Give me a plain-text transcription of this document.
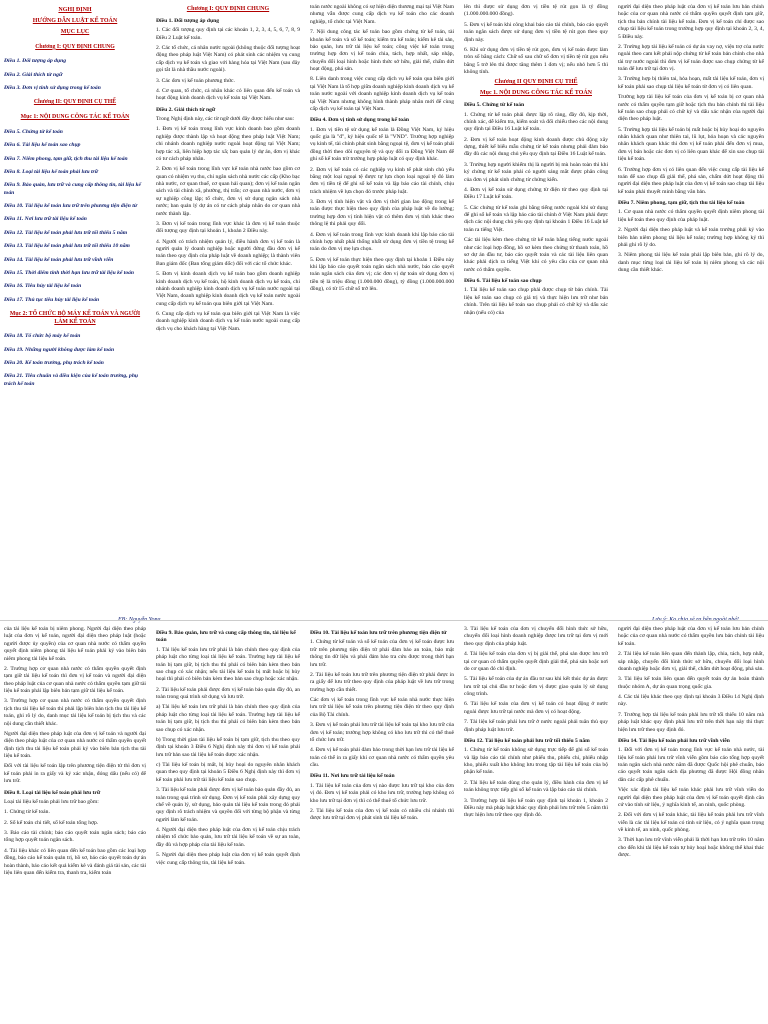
NGHỊ ĐỊNH
HƯỚNG DẪN LUẬT KẾ TOÁN
MỤC LỤC
Chương I: QUY ĐỊNH CHUNG
Điều 1. Đối tượng áp dụng
Điều 2. Giải thích từ ngữ
Điều 3. Đơn vị tính sử dụng trong kế toán
Chương II: QUY ĐỊNH CỤ THỂ
Mục 1: NỘI DUNG CÔNG TÁC KẾ TOÁN
Điều 5. Chứng từ kế toán
Điều 6. Tài liệu kế toán sao chụp
Điều 7. Niêm phong, tạm giữ, tịch thu tài liệu kế toán
Điều 8. Loại tài liệu kế toán phải lưu trữ
Điều 9. Bảo quản, lưu trữ và cung cấp thông tin, tài liệu kế toán
Điều 10. Tài liệu kế toán lưu trữ trên phương tiện điện tử
Điều 11. Nơi lưu trữ tài liệu kế toán
Điều 12. Tài liệu kế toán phải lưu trữ tối thiểu 5 năm
Điều 13. Tài liệu kế toán phải lưu trữ tối thiểu 10 năm
Điều 14. Tài liệu kế toán phải lưu trữ vĩnh viễn
Điều 15. Thời điểm tính thời hạn lưu trữ tài liệu kế toán
Điều 16. Tiêu hủy tài liệu kế toán
Điều 17. Thủ tục tiêu hủy tài liệu kế toán
Mục 2: TỔ CHỨC BỘ MÁY KẾ TOÁN VÀ NGƯỜI LÀM KẾ TOÁN
Điều 18. Tổ chức bộ máy kế toán
Điều 19. Những người không được làm kế toán
Điều 20. Kế toán trưởng, phụ trách kế toán
Điều 21. Tiêu chuẩn và điều kiện của kế toán trưởng, phụ trách kế toán
Chương I: QUY ĐỊNH CHUNG
Điều 1. Đối tượng áp dụng

1. Các đối tượng quy định tại các khoản 1, 2, 3, 4, 5, 6, 7, 8, 9 Điều 2 Luật kế toán.

2. Các tổ chức, cá nhân nước ngoài (không thuộc đối tượng hoạt động theo pháp luật Việt Nam) có phát sinh các nhiệm vụ cung cấp dịch vụ kế toán và giao với hàng hóa tại Việt Nam (sau đây gọi tắt là nhà thầu nước ngoài).

3. Các đơn vị kế toán phương thức.

4. Cơ quan, tổ chức, cá nhân khác có liên quan đến kế toán và hoạt động kinh doanh dịch vụ kế toán tại Việt Nam.

Điều 2. Giải thích từ ngữ

Trong Nghị định này, các từ ngữ dưới đây được hiểu như sau:

1. Đơn vị kế toán trong lĩnh vực kinh doanh bao gồm doanh nghiệp được thành lập và hoạt động theo pháp luật Việt Nam; chi nhánh doanh nghiệp nước ngoài hoạt động tại Việt Nam; hợp tác xã, liên hiệp hợp tác xã; ban quản lý dự án, đơn vị khác có tư cách pháp nhân.

2. Đơn vị kế toán trong lĩnh vực kế toán nhà nước bao gồm cơ quan có nhiệm vụ thu, chi ngân sách nhà nước các cấp (Kho bạc nhà nước, cơ quan thuế, cơ quan hải quan); đơn vị kế toán ngân sách và tài chính xã, phường, thị trấn; cơ quan nhà nước, đơn vị sự nghiệp công lập; tổ chức, đơn vị sử dụng ngân sách nhà nước; ban quản lý dự án có tư cách pháp nhân do cơ quan nhà nước thành lập.

3. Đơn vị kế toán trong lĩnh vực khác là đơn vị kế toán thuộc đối tượng quy định tại khoản 1, khoản 2 Điều này.

4. Người có trách nhiệm quản lý, điều hành đơn vị kế toán là người quản lý doanh nghiệp hoặc người đứng đầu đơn vị kế toán theo quy định của pháp luật về doanh nghiệp; là thành viên Ban giám đốc (Ban tổng giám đốc) đối với các tổ chức khác.

5. Đơn vị kinh doanh dịch vụ kế toán bao gồm doanh nghiệp kinh doanh dịch vụ kế toán, hộ kinh doanh dịch vụ kế toán, chi nhánh doanh nghiệp kinh doanh dịch vụ kế toán nước ngoài tại Việt Nam, doanh nghiệp kinh doanh dịch vụ kế toán nước ngoài cung cấp dịch vụ kế toán qua biên giới tại Việt Nam.

6. Cung cấp dịch vụ kế toán qua biên giới tại Việt Nam là việc doanh nghiệp kinh doanh dịch vụ kế toán nước ngoài cung cấp dịch vụ cho khách hàng tại Việt Nam.

toán nước ngoài không có sự hiện diện thương mại tại Việt Nam nhưng vẫn được cung cấp dịch vụ kế toán cho các doanh nghiệp, tổ chức tại Việt Nam.

7. Nội dung công tác kế toán bao gồm chứng từ kế toán, tài khoản kế toán và sổ kế toán; kiểm tra kế toán; kiểm kê tài sản, bảo quản, lưu trữ tài liệu kế toán; công việc kế toán trong trường hợp đơn vị kế toán chia, tách, hợp nhất, sáp nhập, chuyển đổi loại hình hoặc hình thức sở hữu, giải thể, chấm dứt hoạt động, phá sản.

8. Liên danh trong việc cung cấp dịch vụ kế toán qua biên giới tại Việt Nam là tổ hợp giữa doanh nghiệp kinh doanh dịch vụ kế toán nước ngoài với doanh nghiệp kinh doanh dịch vụ kế toán tại Việt Nam nhưng không hình thành pháp nhân mới để cùng cấp dịch vụ kế toán tại Việt Nam.

Điều 4. Đơn vị tính sử dụng trong kế toán

1. Đơn vị tiền tệ sử dụng kế toán là Đồng Việt Nam, ký hiệu quốc gia là "đ", ký hiệu quốc tế là "VND". Trường hợp nghiệp vụ kinh tế, tài chính phát sinh bằng ngoại tệ, đơn vị kế toán phải đồng thời theo dõi nguyên tệ và quy đổi ra Đồng Việt Nam để ghi sổ kế toán trừ trường hợp pháp luật có quy định khác.

2. Đơn vị kế toán có các nghiệp vụ kinh tế phát sinh chủ yếu bằng một loại ngoại tệ được tự lựa chọn loại ngoại tệ đó làm đơn vị tiền tệ để ghi sổ kế toán và lập báo cáo tài chính, chịu trách nhiệm về lựa chọn đó trước pháp luật.

3. Đơn vị tính hiện vật và đơn vị thời gian lao động trong kế toán được thực hiện theo quy định của pháp luật về đo lường; trường hợp đơn vị tính hiện vật có thêm đơn vị tính khác theo thông lệ thì phải quy đổi.

4. Đơn vị kế toán trong lĩnh vực kinh doanh khi lập báo cáo tài chính hợp nhất phải thống nhất sử dụng đơn vị tiền tệ trong kế toán do đơn vị mẹ lựa chọn.

5. Đơn vị kế toán thực hiện theo quy định tại khoản 1 Điều này khi lập báo cáo quyết toán ngân sách nhà nước, báo cáo quyết toán ngân sách của đơn vị; các đơn vị dự toán sử dụng đơn vị tiền tệ là triệu đồng (1.000.000 đồng), tỷ đồng (1.000.000.000 đồng), có từ 15 chữ số trở lên.

lên thì được sử dụng đơn vị tiền tệ rút gọn là tỷ đồng (1.000.000.000 đồng).

5. Đơn vị kế toán khi công khai báo cáo tài chính, báo cáo quyết toán ngân sách được sử dụng đơn vị tiền tệ rút gọn theo quy định này.

6. Khi sử dụng đơn vị tiền tệ rút gọn, đơn vị kế toán được làm tròn số bằng cách: Chữ số sau chữ số đơn vị tiền tệ rút gọn nếu bằng 5 trở lên thì được tăng thêm 1 đơn vị; nếu nhỏ hơn 5 thì không tính.

Chương II QUY ĐỊNH CỤ THỂ
Mục 1. NỘI DUNG CÔNG TÁC KẾ TOÁN
Điều 5. Chứng từ kế toán

1. Chứng từ kế toán phải được lập rõ ràng, đầy đủ, kịp thời, chính xác, dễ kiểm tra, kiểm soát và đối chiếu theo các nội dung quy định tại Điều 16 Luật kế toán.

2. Đơn vị kế toán hoạt động kinh doanh được chủ động xây dựng, thiết kế biểu mẫu chứng từ kế toán nhưng phải đảm bảo đầy đủ các nội dung chủ yếu quy định tại Điều 16 Luật kế toán.

3. Trường hợp người khiếm thị là người bị mù hoàn toàn thì khi ký chứng từ kế toán phải có người sáng mắt được phân công của đơn vị phát sinh chứng từ chứng kiến.

4. Đơn vị kế toán sử dụng chứng từ điện tử theo quy định tại Điều 17 Luật kế toán.

5. Các chứng từ kế toán ghi bằng tiếng nước ngoài khi sử dụng để ghi sổ kế toán và lập báo cáo tài chính ở Việt Nam phải được dịch các nội dung chủ yếu quy định tại khoản 1 Điều 16 Luật kế toán ra tiếng Việt.

Các tài liệu kèm theo chứng từ kế toán bằng tiếng nước ngoài như các loại hợp đồng, hồ sơ kèm theo chứng từ thanh toán, hồ sơ dự án đầu tư, báo cáo quyết toán và các tài liệu liên quan khác phải dịch ra tiếng Việt khi có yêu cầu của cơ quan nhà nước có thẩm quyền.

Điều 6. Tài liệu kế toán sao chụp

1. Tài liệu kế toán sao chụp phải được chụp từ bản chính. Tài liệu kế toán sao chụp có giá trị và thực hiện lưu trữ như bản chính. Trên tài liệu kế toán sao chụp phải có chữ ký và dấu xác nhận (nếu có) của

người đại diện theo pháp luật của đơn vị kế toán lưu bản chính hoặc của cơ quan nhà nước có thẩm quyền quyết định tạm giữ, tịch thu bản chính tài liệu kế toán. Đơn vị kế toán chỉ được sao chụp tài liệu kế toán trong trường hợp quy định tại khoản 2, 3, 4, 5 Điều này.

2. Trường hợp tài liệu kế toán có dự án vay nợ, viện trợ của nước ngoài theo cam kết phải nộp chứng từ kế toán bản chính cho nhà tài trợ nước ngoài thì đơn vị kế toán được sao chụp chứng từ kế toán để lưu trữ tại đơn vị.

3. Trường hợp bị thiên tai, hỏa hoạn, mất tài liệu kế toán, đơn vị kế toán phải sao chụp tài liệu kế toán từ đơn vị có liên quan.

Trường hợp tài liệu kế toán của đơn vị kế toán bị cơ quan nhà nước có thẩm quyền tạm giữ hoặc tịch thu bản chính thì tài liệu kế toán sao chụp phải có chữ ký và dấu xác nhận của người đại diện theo pháp luật.

5. Trường hợp tài liệu kế toán bị mất hoặc bị hủy hoại do nguyên nhân khách quan như thiên tai, lũ lụt, hỏa hoạn và các nguyên nhân khách quan khác thì đơn vị kế toán phải đến đơn vị mua, đơn vị bán hoặc các đơn vị có liên quan khác để xin sao chụp tài liệu kế toán.

6. Trường hợp đơn vị có liên quan đến việc cung cấp tài liệu kế toán để sao chụp đã giải thể, phá sản, chấm dứt hoạt động thì người đại diện theo pháp luật của đơn vị kế toán sao chụp tài liệu kế toán phải thuyết minh bằng văn bản.

Điều 7. Niêm phong, tạm giữ, tịch thu tài liệu kế toán

1. Cơ quan nhà nước có thẩm quyền quyết định niêm phong tài liệu kế toán theo quy định của pháp luật.

2. Người đại diện theo pháp luật và kế toán trưởng phải ký vào biên bản niêm phong tài liệu kế toán; trường hợp không ký thì phải ghi rõ lý do.

3. Niêm phong tài liệu kế toán phải lập biên bản, ghi rõ lý do, danh mục từng loại tài liệu kế toán bị niêm phong và các nội dung cần thiết khác.

của tài liệu kế toán bị niêm phong. Người đại diện theo pháp luật của đơn vị kế toán, người đại diện theo pháp luật (hoặc người được ủy quyền) của cơ quan nhà nước có thẩm quyền quyết định niêm phong tài liệu kế toán phải ký vào biên bản niêm phong tài liệu kế toán.

2. Trường hợp cơ quan nhà nước có thẩm quyền quyết định tạm giữ tài liệu kế toán thì đơn vị kế toán và người đại diện theo pháp luật của cơ quan nhà nước có thẩm quyền tạm giữ tài liệu kế toán phải lập biên bản tạm giữ tài liệu kế toán.

3. Trường hợp cơ quan nhà nước có thẩm quyền quyết định tịch thu tài liệu kế toán thì phải lập biên bản tịch thu tài liệu kế toán, ghi rõ lý do, danh mục tài liệu kế toán bị tịch thu và các nội dung cần thiết khác.

Người đại diện theo pháp luật của đơn vị kế toán và người đại diện theo pháp luật của cơ quan nhà nước có thẩm quyền quyết định tịch thu tài liệu kế toán phải ký vào biên bản tịch thu tài liệu kế toán.

Đối với tài liệu kế toán lập trên phương tiện điện tử thì đơn vị kế toán phải in ra giấy và ký xác nhận, đóng dấu (nếu có) để lưu trữ.

Điều 8. Loại tài liệu kế toán phải lưu trữ

Loại tài liệu kế toán phải lưu trữ bao gồm:

1. Chứng từ kế toán.

2. Sổ kế toán chi tiết, sổ kế toán tổng hợp.

3. Báo cáo tài chính; báo cáo quyết toán ngân sách; báo cáo tổng hợp quyết toán ngân sách.

4. Tài liệu khác có liên quan đến kế toán bao gồm các loại hợp đồng, báo cáo kế toán quản trị, hồ sơ, báo cáo quyết toán dự án hoàn thành, báo cáo kết quả kiểm kê và đánh giá tài sản, các tài liệu liên quan đến kiểm tra, thanh tra, kiểm toán

Điều 9. Bảo quản, lưu trữ và cung cấp thông tin, tài liệu kế toán

1. Tài liệu kế toán lưu trữ phải là bản chính theo quy định của pháp luật cho từng loại tài liệu kế toán. Trường hợp tài liệu kế toán bị tạm giữ, bị tịch thu thì phải có biên bản kèm theo bản sao chụp có xác nhận; nếu tài liệu kế toán bị mất hoặc bị hủy hoại thì phải có biên bản kèm theo bản sao chụp hoặc xác nhận.

2. Tài liệu kế toán phải được đơn vị kế toán bảo quản đầy đủ, an toàn trong quá trình sử dụng và lưu trữ.

a) Tài liệu kế toán lưu trữ phải là bản chính theo quy định của pháp luật cho từng loại tài liệu kế toán. Trường hợp tài liệu kế toán bị tạm giữ, bị tịch thu thì phải có biên bản kèm theo bản sao chụp có xác nhận.

b) Trong thời gian tài liệu kế toán bị tạm giữ, tịch thu theo quy định tại khoản 3 Điều 6 Nghị định này thì đơn vị kế toán phải lưu trữ bản sao tài liệu kế toán được xác nhận.

c) Tài liệu kế toán bị mất, bị hủy hoại do nguyên nhân khách quan theo quy định tại khoản 5 Điều 6 Nghị định này thì đơn vị kế toán phải lưu trữ tài liệu kế toán sao chụp.

3. Tài liệu kế toán phải được đơn vị kế toán bảo quản đầy đủ, an toàn trong quá trình sử dụng. Đơn vị kế toán phải xây dựng quy chế về quản lý, sử dụng, bảo quản tài liệu kế toán trong đó phải quy định rõ trách nhiệm và quyền đối với từng bộ phận và từng người làm kế toán.

4. Người đại diện theo pháp luật của đơn vị kế toán chịu trách nhiệm tổ chức bảo quản, lưu trữ tài liệu kế toán về sự an toàn, đầy đủ và hợp pháp của tài liệu kế toán.

5. Người đại diện theo pháp luật của đơn vị kế toán quyết định việc cung cấp thông tin, tài liệu kế toán.

Điều 10. Tài liệu kế toán lưu trữ trên phương tiện điện tử

1. Chứng từ kế toán và sổ kế toán của đơn vị kế toán được lưu trữ trên phương tiện điện tử phải đảm bảo an toàn, bảo mật thông tin dữ liệu và phải đảm bảo tra cứu được trong thời hạn lưu trữ.

2. Tài liệu kế toán lưu trữ trên phương tiện điện tử phải được in ra giấy để lưu trữ theo quy định của pháp luật về lưu trữ trong trường hợp cần thiết.

Các đơn vị kế toán trong lĩnh vực kế toán nhà nước thực hiện lưu trữ tài liệu kế toán trên phương tiện điện tử theo quy định của Bộ Tài chính.

3. Đơn vị kế toán phải lưu trữ tài liệu kế toán tại kho lưu trữ của đơn vị kế toán; trường hợp không có kho lưu trữ thì có thể thuê tổ chức lưu trữ.

4. Đơn vị kế toán phải đảm bảo trong thời hạn lưu trữ tài liệu kế toán có thể in ra giấy khi cơ quan nhà nước có thẩm quyền yêu cầu.

Điều 11. Nơi lưu trữ tài liệu kế toán

1. Tài liệu kế toán của đơn vị nào được lưu trữ tại kho của đơn vị đó. Đơn vị kế toán phải có kho lưu trữ, trường hợp không có kho lưu trữ tại đơn vị thì có thể thuê tổ chức lưu trữ.

2. Tài liệu kế toán của đơn vị kế toán có nhiều chi nhánh thì được lưu trữ tại đơn vị phát sinh tài liệu kế toán.

3. Tài liệu kế toán của đơn vị chuyển đổi hình thức sở hữu, chuyển đổi loại hình doanh nghiệp được lưu trữ tại đơn vị mới theo quy định của pháp luật.

4. Tài liệu kế toán của đơn vị bị giải thể, phá sản được lưu trữ tại cơ quan có thẩm quyền quyết định giải thể, phá sản hoặc nơi do cơ quan đó chỉ định.

5. Tài liệu kế toán của dự án đầu tư sau khi kết thúc dự án được lưu trữ tại chủ đầu tư hoặc đơn vị được giao quản lý sử dụng công trình.

6. Tài liệu kế toán của đơn vị kế toán có hoạt động ở nước ngoài được lưu trữ tại nước mà đơn vị có hoạt động.

7. Tài liệu kế toán phải lưu trữ ở nước ngoài phải tuân thủ quy định pháp luật lưu trữ.

Điều 12. Tài liệu kế toán phải lưu trữ tối thiểu 5 năm

1. Chứng từ kế toán không sử dụng trực tiếp để ghi sổ kế toán và lập báo cáo tài chính như phiếu thu, phiếu chi, phiếu nhập kho, phiếu xuất kho không lưu trong tập tài liệu kế toán của bộ phận kế toán.

2. Tài liệu kế toán dùng cho quản lý, điều hành của đơn vị kế toán không trực tiếp ghi sổ kế toán và lập báo cáo tài chính.

3. Trường hợp tài liệu kế toán quy định tại khoản 1, khoản 2 Điều này mà pháp luật khác quy định phải lưu trữ trên 5 năm thì thực hiện lưu trữ theo quy định đó.

người đại diện theo pháp luật của đơn vị kế toán lưu bản chính hoặc của cơ quan nhà nước có thẩm quyền lưu bản chính tài liệu kế toán.

2. Tài liệu kế toán liên quan đến thành lập, chia, tách, hợp nhất, sáp nhập, chuyển đổi hình thức sở hữu, chuyển đổi loại hình doanh nghiệp hoặc đơn vị, giải thể, chấm dứt hoạt động, phá sản.

3. Tài liệu kế toán liên quan đến quyết toán dự án hoàn thành thuộc nhóm A, dự án quan trọng quốc gia.

4. Các tài liệu khác theo quy định tại khoản 3 Điều 14 Nghị định này.

7. Trường hợp tài liệu kế toán phải lưu trữ tối thiểu 10 năm mà pháp luật khác quy định phải lưu trữ trên thời hạn này thì thực hiện lưu trữ theo quy định đó.

Điều 14. Tài liệu kế toán phải lưu trữ vĩnh viễn

1. Đối với đơn vị kế toán trong lĩnh vực kế toán nhà nước, tài liệu kế toán phải lưu trữ vĩnh viễn gồm báo cáo tổng hợp quyết toán ngân sách nhà nước năm đã được Quốc hội phê chuẩn, báo cáo quyết toán ngân sách địa phương đã được Hội đồng nhân dân các cấp phê chuẩn.

Việc xác định tài liệu kế toán khác phải lưu trữ vĩnh viễn do người đại diện theo pháp luật của đơn vị kế toán quyết định căn cứ vào tính sử liệu, ý nghĩa kinh tế, an ninh, quốc phòng.

2. Đối với đơn vị kế toán khác, tài liệu kế toán phải lưu trữ vĩnh viễn là các tài liệu kế toán có tính sử liệu, có ý nghĩa quan trọng về kinh tế, an ninh, quốc phòng.

3. Thời hạn lưu trữ vĩnh viễn phải là thời hạn lưu trữ trên 10 năm cho đến khi tài liệu kế toán tự hủy hoại hoặc không thể khai thác được.
